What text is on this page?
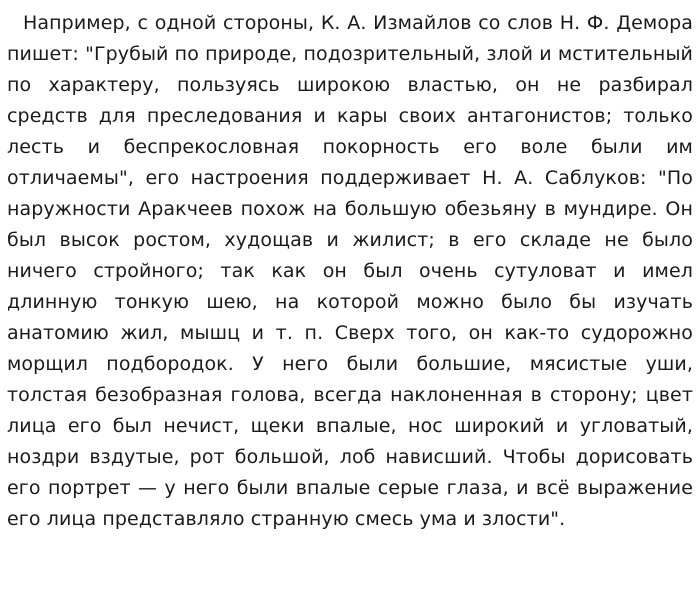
Например, с одной стороны, К. А. Измайлов со слов Н. Ф. Демора пишет: "Грубый по природе, подозрительный, злой и мстительный по характеру, пользуясь широкою властью, он не разбирал средств для преследования и кары своих антагонистов; только лесть и беспрекословная покорность его воле были им отличаемы", его настроения поддерживает Н. А. Саблуков: "По наружности Аракчеев похож на большую обезьяну в мундире. Он был высок ростом, худощав и жилист; в его складе не было ничего стройного; так как он был очень сутуловат и имел длинную тонкую шею, на которой можно было бы изучать анатомию жил, мышц и т. п. Сверх того, он как-то судорожно морщил подбородок. У него были большие, мясистые уши, толстая безобразная голова, всегда наклоненная в сторону; цвет лица его был нечист, щеки впалые, нос широкий и угловатый, ноздри вздутые, рот большой, лоб нависший. Чтобы дорисовать его портрет — у него были впалые серые глаза, и всё выражение его лица представляло странную смесь ума и злости".
